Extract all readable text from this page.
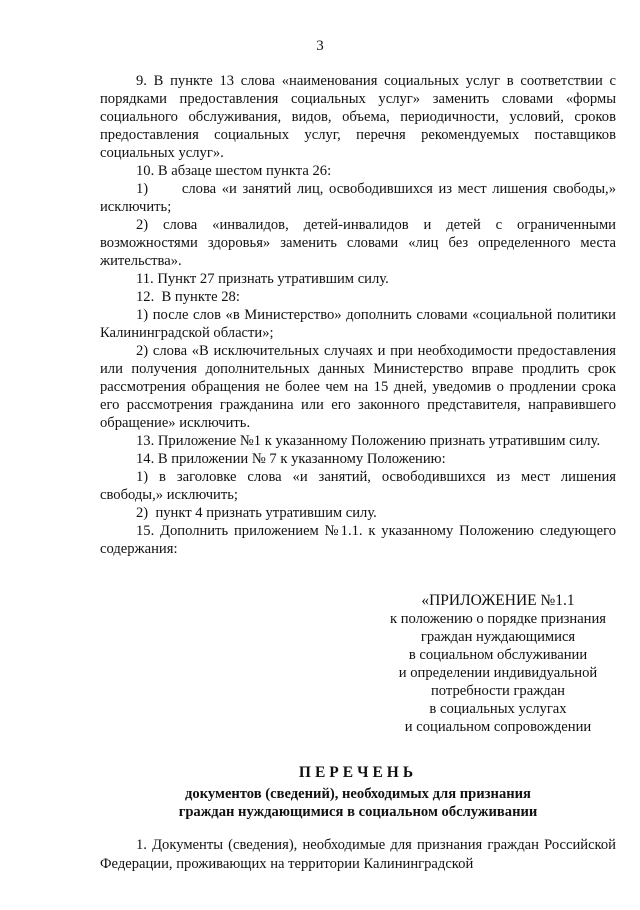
3

9. В пункте 13 слова «наименования социальных услуг в соответствии с порядками предоставления социальных услуг» заменить словами «формы социального обслуживания, видов, объема, периодичности, условий, сроков предоставления социальных услуг, перечня рекомендуемых поставщиков социальных услуг».

10. В абзаце шестом пункта 26:

1)      слова «и занятий лиц, освободившихся из мест лишения свободы,» исключить;

2) слова «инвалидов, детей-инвалидов и детей с ограниченными возможностями здоровья» заменить словами «лиц без определенного места жительства».

11. Пункт 27 признать утратившим силу.

12.  В пункте 28:

1) после слов «в Министерство» дополнить словами «социальной политики Калининградской области»;

2) слова «В исключительных случаях и при необходимости предоставления или получения дополнительных данных Министерство вправе продлить срок рассмотрения обращения не более чем на 15 дней, уведомив о продлении срока его рассмотрения гражданина или его законного представителя, направившего обращение» исключить.

13. Приложение №1 к указанному Положению признать утратившим силу.

14. В приложении № 7 к указанному Положению:

1) в заголовке слова «и занятий, освободившихся из мест лишения свободы,» исключить;

2)  пункт 4 признать утратившим силу.

15. Дополнить приложением №1.1. к указанному Положению следующего содержания:

«ПРИЛОЖЕНИЕ №1.1
к положению о порядке признания
граждан нуждающимися
в социальном обслуживании
и определении индивидуальной
потребности граждан
в социальных услугах
и социальном сопровождении
ПЕРЕЧЕНЬ
документов (сведений), необходимых для признания
граждан нуждающимися в социальном обслуживании

1. Документы (сведения), необходимые для признания граждан Российской Федерации, проживающих на территории Калининградской
